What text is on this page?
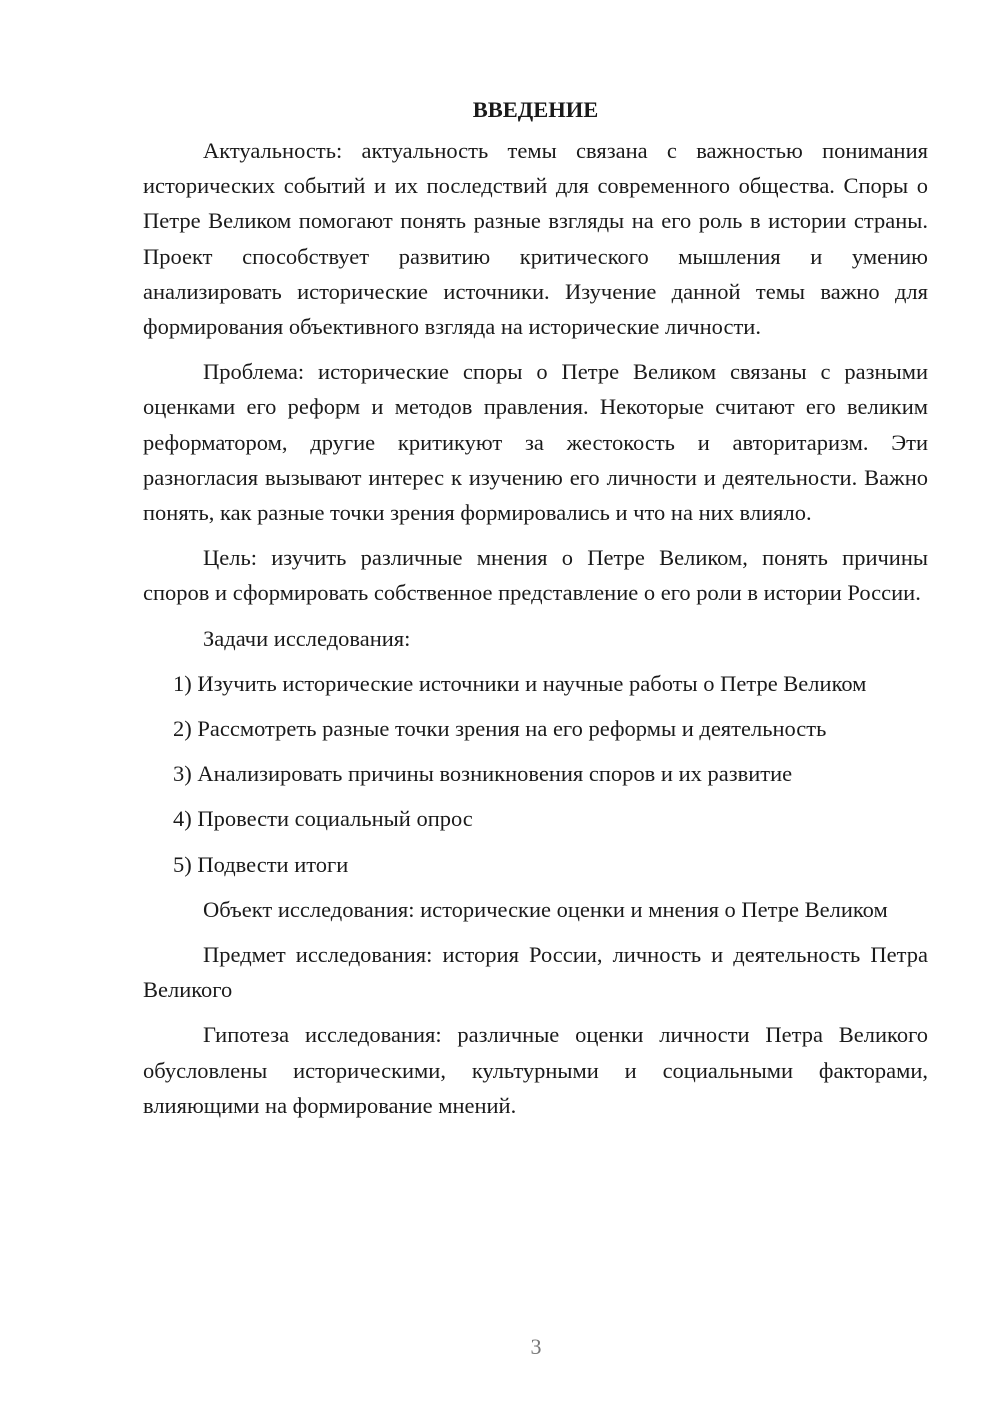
ВВЕДЕНИЕ

Актуальность: актуальность темы связана с важностью понимания исторических событий и их последствий для современного общества. Споры о Петре Великом помогают понять разные взгляды на его роль в истории страны. Проект способствует развитию критического мышления и умению анализировать исторические источники. Изучение данной темы важно для формирования объективного взгляда на исторические личности.

Проблема: исторические споры о Петре Великом связаны с разными оценками его реформ и методов правления. Некоторые считают его великим реформатором, другие критикуют за жестокость и авторитаризм. Эти разногласия вызывают интерес к изучению его личности и деятельности. Важно понять, как разные точки зрения формировались и что на них влияло.

Цель: изучить различные мнения о Петре Великом, понять причины споров и сформировать собственное представление о его роли в истории России.

Задачи исследования:

1) Изучить исторические источники и научные работы о Петре Великом

2) Рассмотреть разные точки зрения на его реформы и деятельность

3) Анализировать причины возникновения споров и их развитие

4) Провести социальный опрос

5) Подвести итоги

Объект исследования: исторические оценки и мнения о Петре Великом

Предмет исследования: история России, личность и деятельность Петра Великого

Гипотеза исследования: различные оценки личности Петра Великого обусловлены историческими, культурными и социальными факторами, влияющими на формирование мнений.

3
